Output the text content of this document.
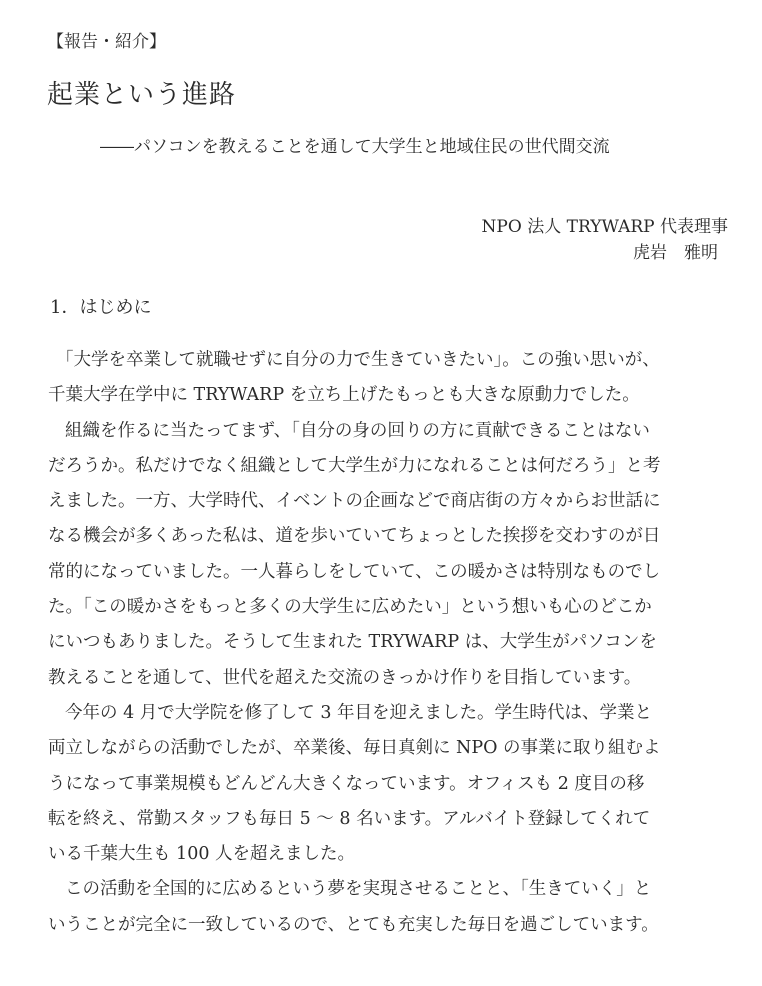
【報告・紹介】
起業という進路
――パソコンを教えることを通して大学生と地域住民の世代間交流
NPO 法人 TRYWARP 代表理事
虎岩　雅明
1．はじめに
「大学を卒業して就職せずに自分の力で生きていきたい」。この強い思いが、
千葉大学在学中に TRYWARP を立ち上げたもっとも大きな原動力でした。
組織を作るに当たってまず、「自分の身の回りの方に貢献できることはない
だろうか。私だけでなく組織として大学生が力になれることは何だろう」と考
えました。一方、大学時代、イベントの企画などで商店街の方々からお世話に
なる機会が多くあった私は、道を歩いていてちょっとした挨拶を交わすのが日
常的になっていました。一人暮らしをしていて、この暖かさは特別なものでし
た。「この暖かさをもっと多くの大学生に広めたい」という想いも心のどこか
にいつもありました。そうして生まれた TRYWARP は、大学生がパソコンを
教えることを通して、世代を超えた交流のきっかけ作りを目指しています。
今年の 4 月で大学院を修了して 3 年目を迎えました。学生時代は、学業と
両立しながらの活動でしたが、卒業後、毎日真剣に NPO の事業に取り組むよ
うになって事業規模もどんどん大きくなっています。オフィスも 2 度目の移
転を終え、常勤スタッフも毎日 5 ～ 8 名います。アルバイト登録してくれて
いる千葉大生も 100 人を超えました。
この活動を全国的に広めるという夢を実現させることと、「生きていく」と
いうことが完全に一致しているので、とても充実した毎日を過ごしています。
